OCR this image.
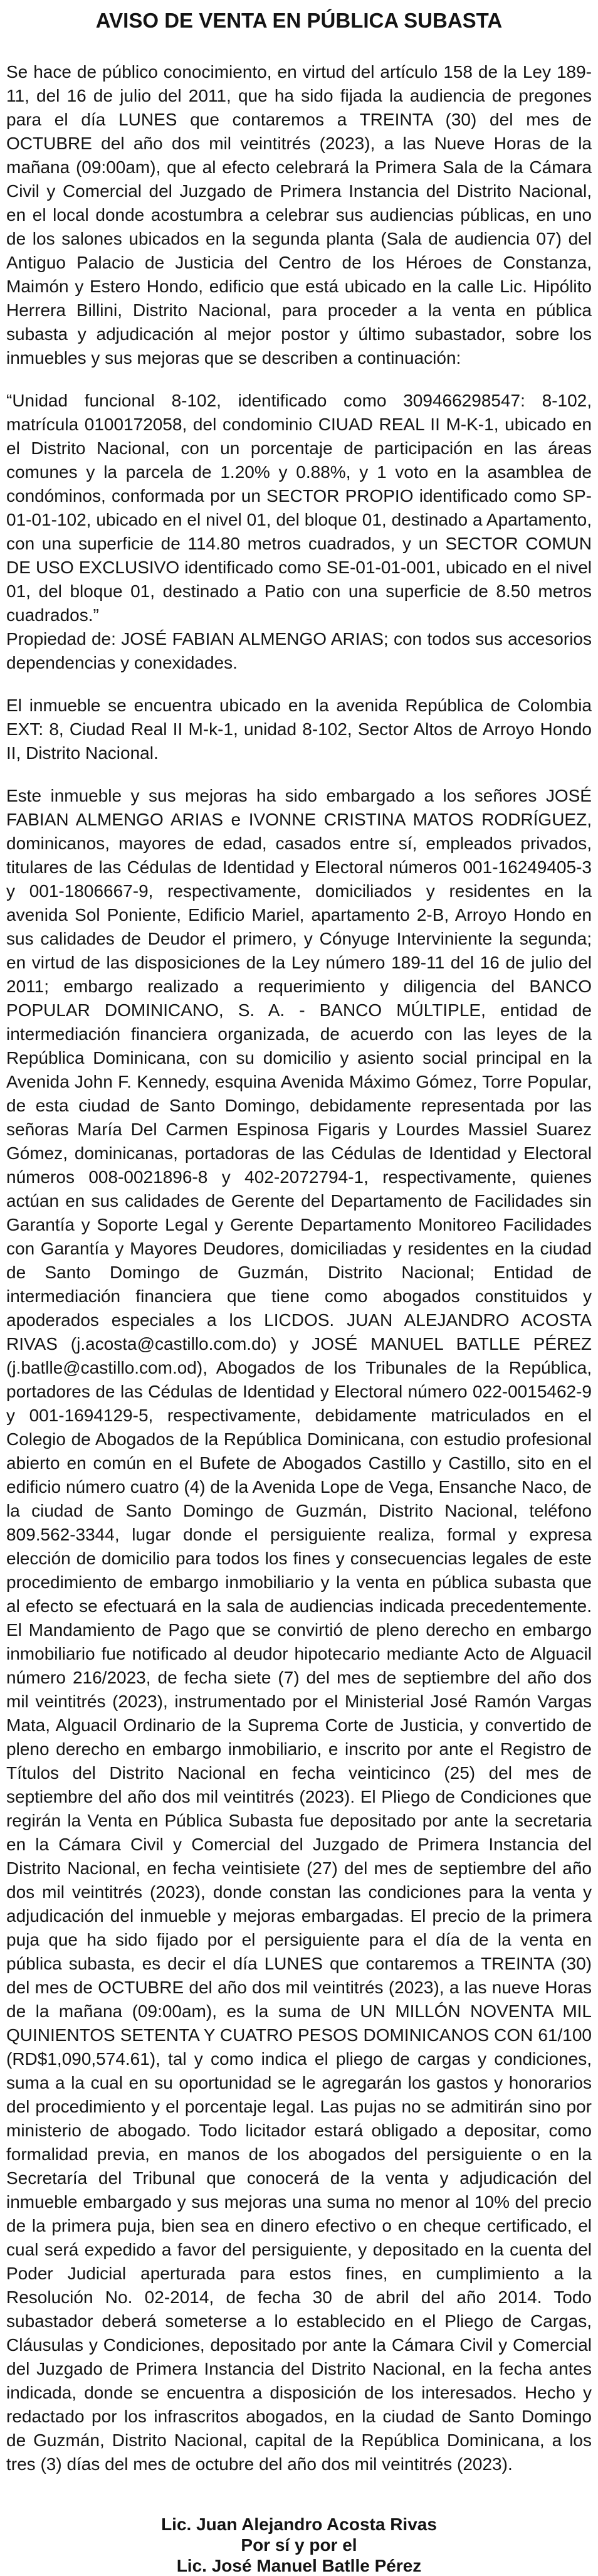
AVISO DE VENTA EN PÚBLICA SUBASTA

Se hace de público conocimiento, en virtud del artículo 158 de la Ley 189-11, del 16 de julio del 2011, que ha sido fijada la audiencia de pregones para el día LUNES que contaremos a TREINTA (30) del mes de OCTUBRE del año dos mil veintitrés (2023), a las Nueve Horas de la mañana (09:00am), que al efecto celebrará la Primera Sala de la Cámara Civil y Comercial del Juzgado de Primera Instancia del Distrito Nacional, en el local donde acostumbra a celebrar sus audiencias públicas, en uno de los salones ubicados en la segunda planta (Sala de audiencia 07) del Antiguo Palacio de Justicia del Centro de los Héroes de Constanza, Maimón y Estero Hondo, edificio que está ubicado en la calle Lic. Hipólito Herrera Billini, Distrito Nacional, para proceder a la venta en pública subasta y adjudicación al mejor postor y último subastador, sobre los inmuebles y sus mejoras que se describen a continuación:

“Unidad funcional 8-102, identificado como 309466298547: 8-102, matrícula 0100172058, del condominio CIUAD REAL II M-K-1, ubicado en el Distrito Nacional, con un porcentaje de participación en las áreas comunes y la parcela de 1.20% y 0.88%, y 1 voto en la asamblea de condóminos, conformada por un SECTOR PROPIO identificado como SP-01-01-102, ubicado en el nivel 01, del bloque 01, destinado a Apartamento, con una superficie de 114.80 metros cuadrados, y un SECTOR COMUN DE USO EXCLUSIVO identificado como SE-01-01-001, ubicado en el nivel 01, del bloque 01, destinado a Patio con una superficie de 8.50 metros cuadrados.”

Propiedad de: JOSÉ FABIAN ALMENGO ARIAS; con todos sus accesorios dependencias y conexidades.

El inmueble se encuentra ubicado en la avenida República de Colombia EXT: 8, Ciudad Real II M-k-1, unidad 8-102, Sector Altos de Arroyo Hondo II, Distrito Nacional.

Este inmueble y sus mejoras ha sido embargado a los señores JOSÉ FABIAN ALMENGO ARIAS e IVONNE CRISTINA MATOS RODRÍGUEZ, dominicanos, mayores de edad, casados entre sí, empleados privados, titulares de las Cédulas de Identidad y Electoral números 001-16249405-3 y 001-1806667-9, respectivamente, domiciliados y residentes en la avenida Sol Poniente, Edificio Mariel, apartamento 2-B, Arroyo Hondo en sus calidades de Deudor el primero, y Cónyuge Interviniente la segunda; en virtud de las disposiciones de la Ley número 189-11 del 16 de julio del 2011; embargo realizado a requerimiento y diligencia del BANCO POPULAR DOMINICANO, S. A. - BANCO MÚLTIPLE, entidad de intermediación financiera organizada, de acuerdo con las leyes de la República Dominicana, con su domicilio y asiento social principal en la Avenida John F. Kennedy, esquina Avenida Máximo Gómez, Torre Popular, de esta ciudad de Santo Domingo, debidamente representada por las señoras María Del Carmen Espinosa Figaris y Lourdes Massiel Suarez Gómez, dominicanas, portadoras de las Cédulas de Identidad y Electoral números 008-0021896-8 y 402-2072794-1, respectivamente, quienes actúan en sus calidades de Gerente del Departamento de Facilidades sin Garantía y Soporte Legal y Gerente Departamento Monitoreo Facilidades con Garantía y Mayores Deudores, domiciliadas y residentes en la ciudad de Santo Domingo de Guzmán, Distrito Nacional; Entidad de intermediación financiera que tiene como abogados constituidos y apoderados especiales a los LICDOS. JUAN ALEJANDRO ACOSTA RIVAS (j.acosta@castillo.com.do) y JOSÉ MANUEL BATLLE PÉREZ (j.batlle@castillo.com.od), Abogados de los Tribunales de la República, portadores de las Cédulas de Identidad y Electoral número 022-0015462-9 y 001-1694129-5, respectivamente, debidamente matriculados en el Colegio de Abogados de la República Dominicana, con estudio profesional abierto en común en el Bufete de Abogados Castillo y Castillo, sito en el edificio número cuatro (4) de la Avenida Lope de Vega, Ensanche Naco, de la ciudad de Santo Domingo de Guzmán, Distrito Nacional, teléfono 809.562-3344, lugar donde el persiguiente realiza, formal y expresa elección de domicilio para todos los fines y consecuencias legales de este procedimiento de embargo inmobiliario y la venta en pública subasta que al efecto se efectuará en la sala de audiencias indicada precedentemente. El Mandamiento de Pago que se convirtió de pleno derecho en embargo inmobiliario fue notificado al deudor hipotecario mediante Acto de Alguacil número 216/2023, de fecha siete (7) del mes de septiembre del año dos mil veintitrés (2023), instrumentado por el Ministerial José Ramón Vargas Mata, Alguacil Ordinario de la Suprema Corte de Justicia, y convertido de pleno derecho en embargo inmobiliario, e inscrito por ante el Registro de Títulos del Distrito Nacional en fecha veinticinco (25) del mes de septiembre del año dos mil veintitrés (2023). El Pliego de Condiciones que regirán la Venta en Pública Subasta fue depositado por ante la secretaria en la Cámara Civil y Comercial del Juzgado de Primera Instancia del Distrito Nacional, en fecha veintisiete (27) del mes de septiembre del año dos mil veintitrés (2023), donde constan las condiciones para la venta y adjudicación del inmueble y mejoras embargadas. El precio de la primera puja que ha sido fijado por el persiguiente para el día de la venta en pública subasta, es decir el día LUNES que contaremos a TREINTA (30) del mes de OCTUBRE del año dos mil veintitrés (2023), a las nueve Horas de la mañana (09:00am), es la suma de UN MILLÓN NOVENTA MIL QUINIENTOS SETENTA Y CUATRO PESOS DOMINICANOS CON 61/100 (RD$1,090,574.61), tal y como indica el pliego de cargas y condiciones, suma a la cual en su oportunidad se le agregarán los gastos y honorarios del procedimiento y el porcentaje legal. Las pujas no se admitirán sino por ministerio de abogado. Todo licitador estará obligado a depositar, como formalidad previa, en manos de los abogados del persiguiente o en la Secretaría del Tribunal que conocerá de la venta y adjudicación del inmueble embargado y sus mejoras una suma no menor al 10% del precio de la primera puja, bien sea en dinero efectivo o en cheque certificado, el cual será expedido a favor del persiguiente, y depositado en la cuenta del Poder Judicial aperturada para estos fines, en cumplimiento a la Resolución No. 02-2014, de fecha 30 de abril del año 2014. Todo subastador deberá someterse a lo establecido en el Pliego de Cargas, Cláusulas y Condiciones, depositado por ante la Cámara Civil y Comercial del Juzgado de Primera Instancia del Distrito Nacional, en la fecha antes indicada, donde se encuentra a disposición de los interesados. Hecho y redactado por los infrascritos abogados, en la ciudad de Santo Domingo de Guzmán, Distrito Nacional, capital de la República Dominicana, a los tres (3) días del mes de octubre del año dos mil veintitrés (2023).

Lic. Juan Alejandro Acosta Rivas
Por sí y por el
Lic. José Manuel Batlle Pérez
